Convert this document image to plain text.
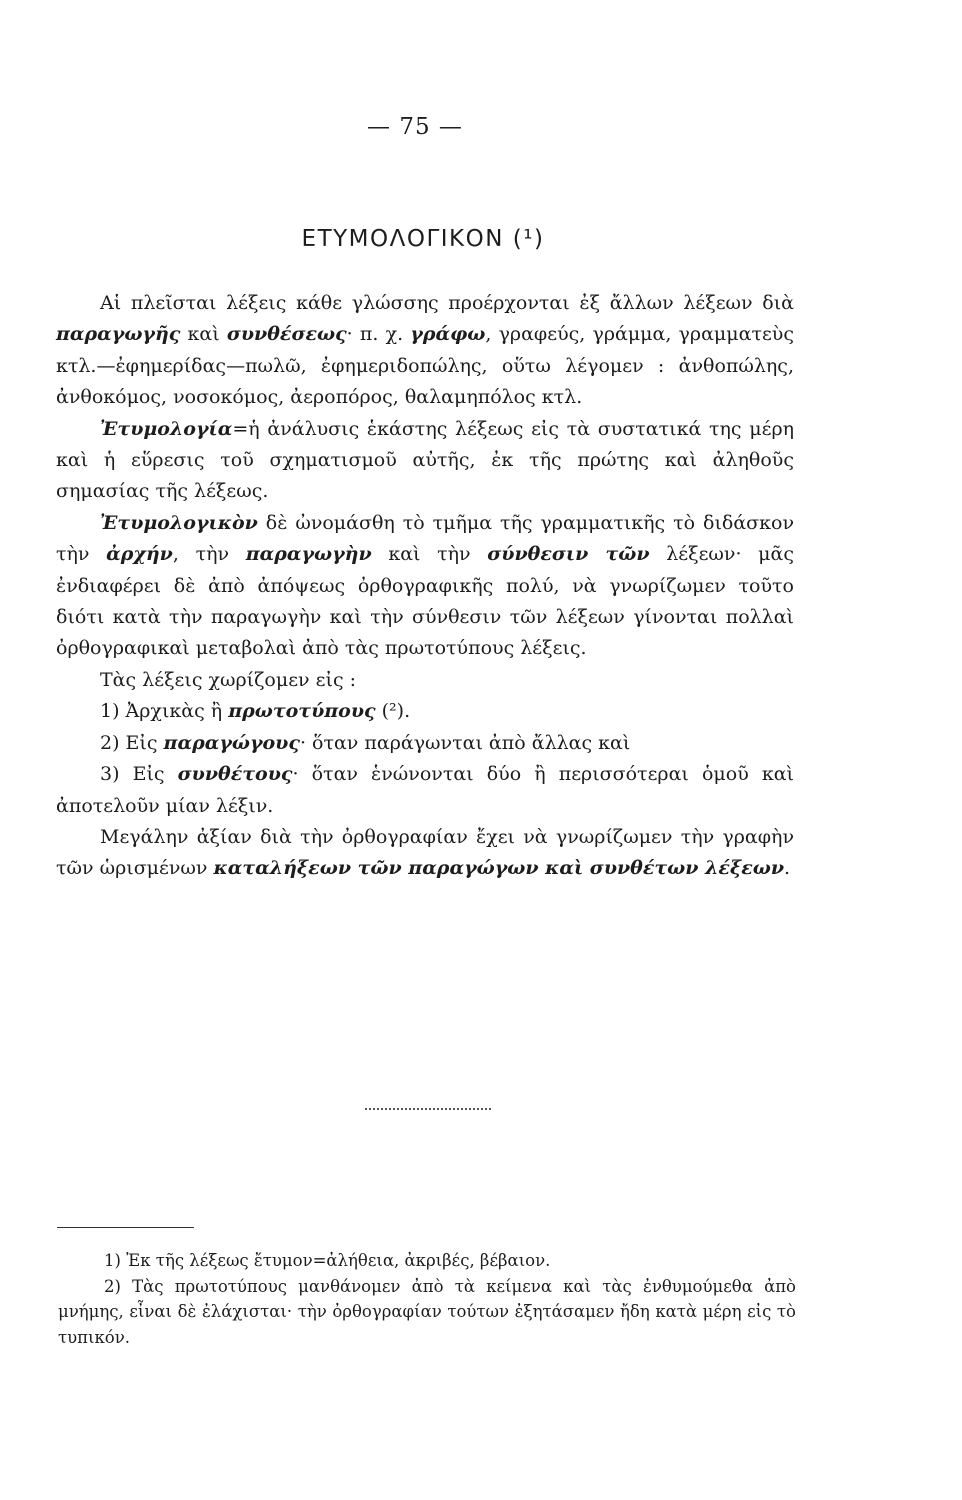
— 75 —
ΕΤΥΜΟΛΟΓΙΚΟΝ (¹)

Αἱ πλεῖσται λέξεις κάθε γλώσσης προέρχονται ἐξ ἄλλων λέξεων διὰ παραγωγῆς καὶ συνθέσεως· π. χ. γράφω, γραφεύς, γράμμα, γραμματεὺς κτλ.—ἐφημερίδας—πωλῶ, ἐφημεριδοπώλης, οὕτω λέγομεν : ἀνθοπώλης, ἀνθοκόμος, νοσοκόμος, ἀεροπόρος, θαλαμηπόλος κτλ.

Ἐτυμολογία=ἡ ἀνάλυσις ἑκάστης λέξεως εἰς τὰ συστατικά της μέρη καὶ ἡ εὕρεσις τοῦ σχηματισμοῦ αὐτῆς, ἐκ τῆς πρώτης καὶ ἀληθοῦς σημασίας τῆς λέξεως.

Ἐτυμολογικὸν δὲ ὠνομάσθη τὸ τμῆμα τῆς γραμματικῆς τὸ διδάσκον τὴν ἀρχήν, τὴν παραγωγὴν καὶ τὴν σύνθεσιν τῶν λέξεων· μᾶς ἐνδιαφέρει δὲ ἀπὸ ἀπόψεως ὀρθογραφικῆς πολύ, νὰ γνωρίζωμεν τοῦτο διότι κατὰ τὴν παραγωγὴν καὶ τὴν σύνθεσιν τῶν λέξεων γίνονται πολλαὶ ὀρθογραφικαὶ μεταβολαὶ ἀπὸ τὰς πρωτοτύπους λέξεις.

Τὰς λέξεις χωρίζομεν εἰς :

1) Ἀρχικὰς ἢ πρωτοτύπους (²).

2) Εἰς παραγώγους· ὅταν παράγωνται ἀπὸ ἄλλας καὶ

3) Εἰς συνθέτους· ὅταν ἑνώνονται δύο ἢ περισσότεραι ὁμοῦ καὶ ἀποτελοῦν μίαν λέξιν.

Μεγάλην ἀξίαν διὰ τὴν ὀρθογραφίαν ἔχει νὰ γνωρίζωμεν τὴν γραφὴν τῶν ὡρισμένων καταλήξεων τῶν παραγώγων καὶ συνθέτων λέξεων.

1) Ἐκ τῆς λέξεως ἔτυμον=ἀλήθεια, ἀκριβές, βέβαιον.

2) Τὰς πρωτοτύπους μανθάνομεν ἀπὸ τὰ κείμενα καὶ τὰς ἐνθυμούμεθα ἀπὸ μνήμης, εἶναι δὲ ἐλάχισται· τὴν ὀρθογραφίαν τούτων ἐξητάσαμεν ἤδη κατὰ μέρη εἰς τὸ τυπικόν.
